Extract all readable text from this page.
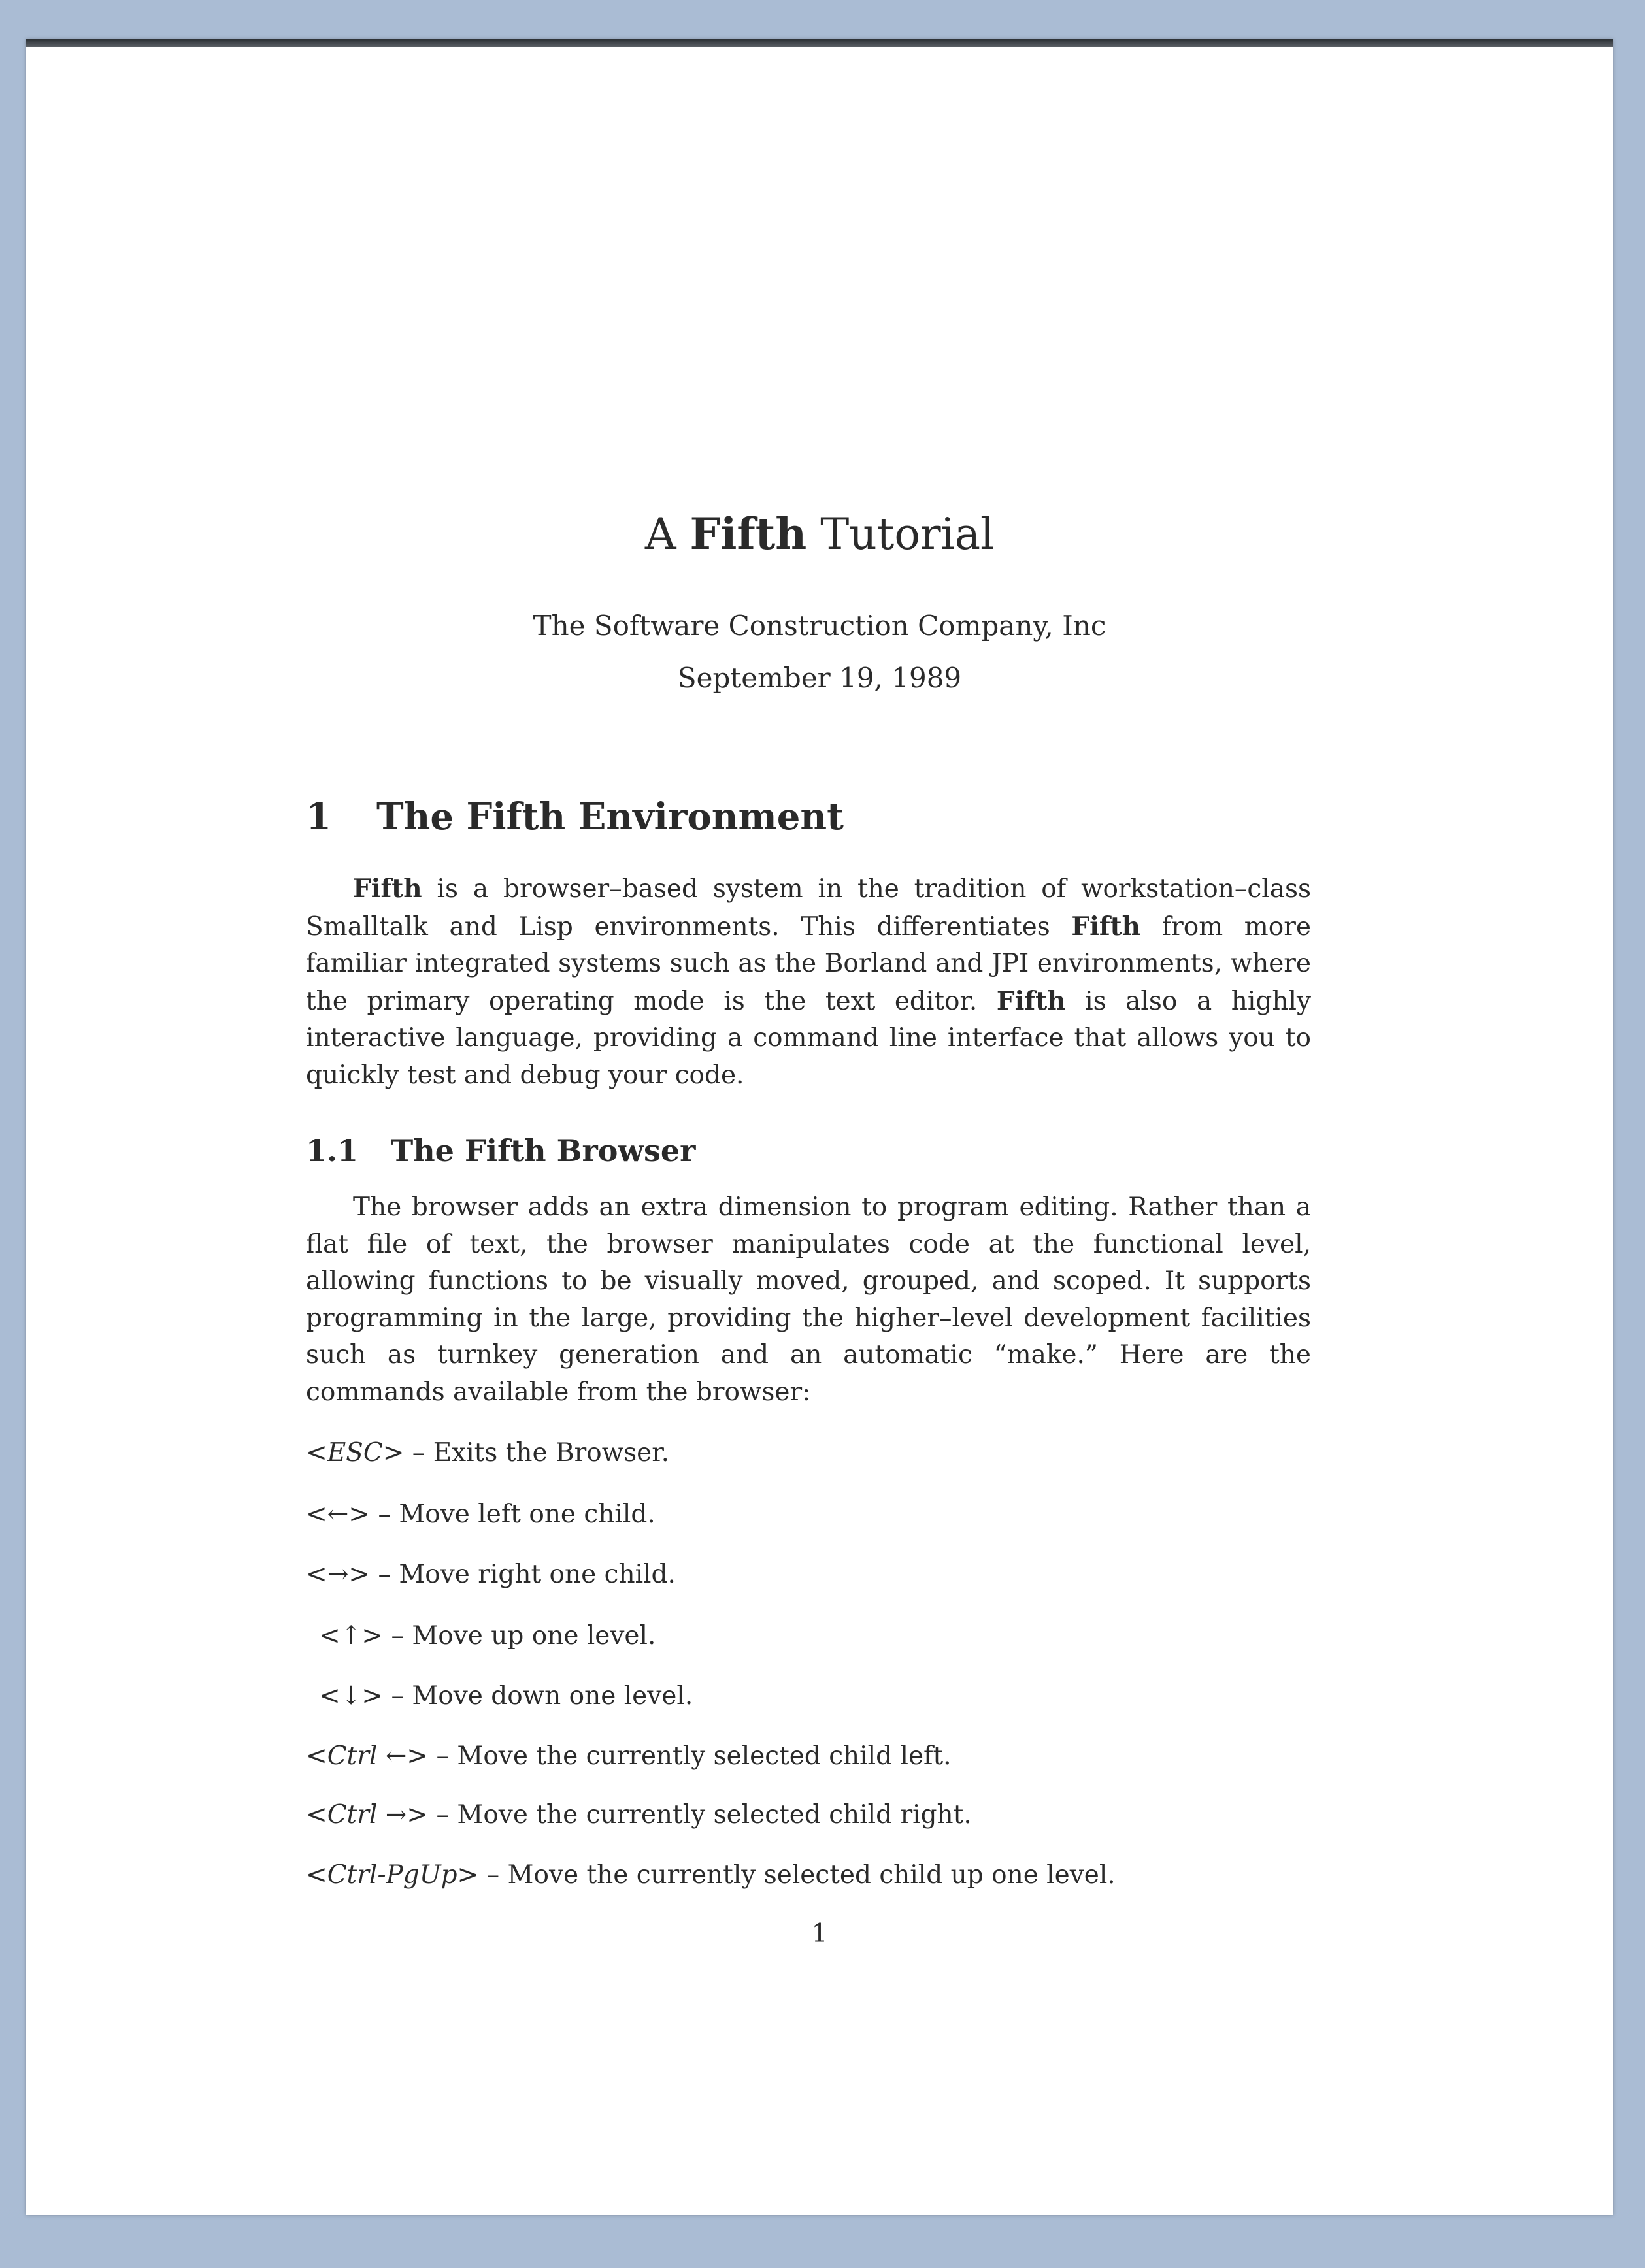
A Fifth Tutorial
The Software Construction Company, Inc
September 19, 1989
1 The Fifth Environment
Fifth is a browser–based system in the tradition of workstation–class Smalltalk and Lisp environments. This differentiates Fifth from more familiar integrated systems such as the Borland and JPI environments, where the primary operating mode is the text editor. Fifth is also a highly interactive language, providing a command line interface that allows you to quickly test and debug your code.
1.1 The Fifth Browser
The browser adds an extra dimension to program editing. Rather than a flat file of text, the browser manipulates code at the functional level, allowing functions to be visually moved, grouped, and scoped. It supports programming in the large, providing the higher–level development facilities such as turnkey generation and an automatic “make.” Here are the commands available from the browser:
<ESC> – Exits the Browser.
<←> – Move left one child.
<→> – Move right one child.
<↑> – Move up one level.
<↓> – Move down one level.
<Ctrl ←> – Move the currently selected child left.
<Ctrl →> – Move the currently selected child right.
<Ctrl-PgUp> – Move the currently selected child up one level.
1
